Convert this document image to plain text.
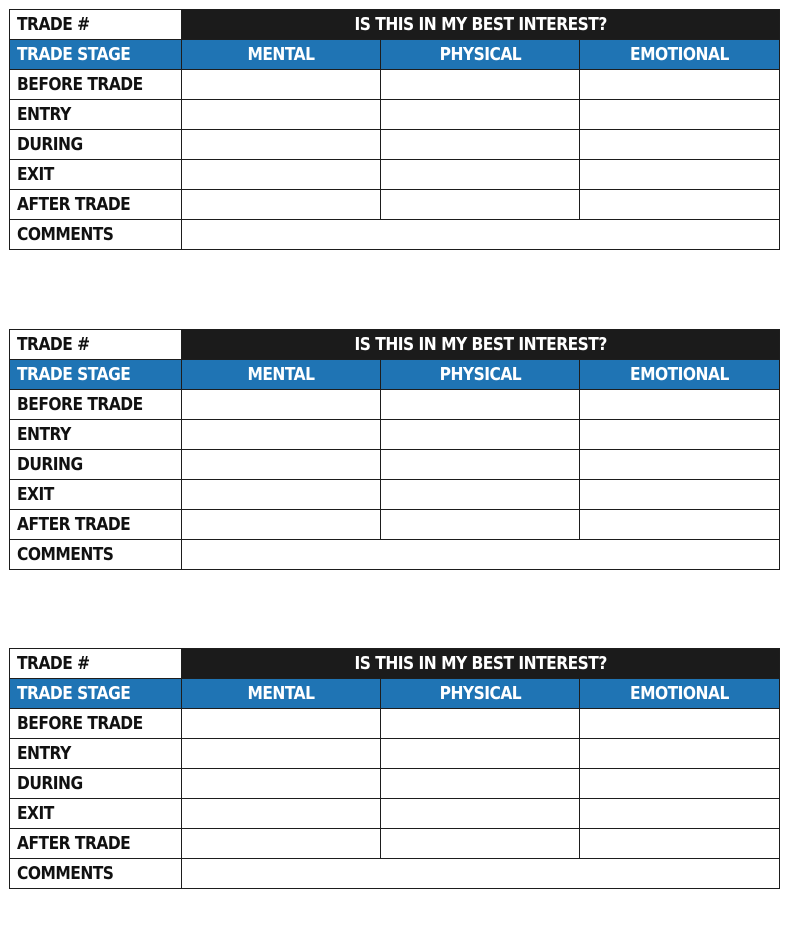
TRADE #	IS THIS IN MY BEST INTEREST?		
TRADE STAGE	MENTAL	PHYSICAL	EMOTIONAL
BEFORE TRADE			
ENTRY			
DURING			
EXIT			
AFTER TRADE			
COMMENTS			
TRADE #	IS THIS IN MY BEST INTEREST?		
TRADE STAGE	MENTAL	PHYSICAL	EMOTIONAL
BEFORE TRADE			
ENTRY			
DURING			
EXIT			
AFTER TRADE			
COMMENTS			
TRADE #	IS THIS IN MY BEST INTEREST?		
TRADE STAGE	MENTAL	PHYSICAL	EMOTIONAL
BEFORE TRADE			
ENTRY			
DURING			
EXIT			
AFTER TRADE			
COMMENTS			
